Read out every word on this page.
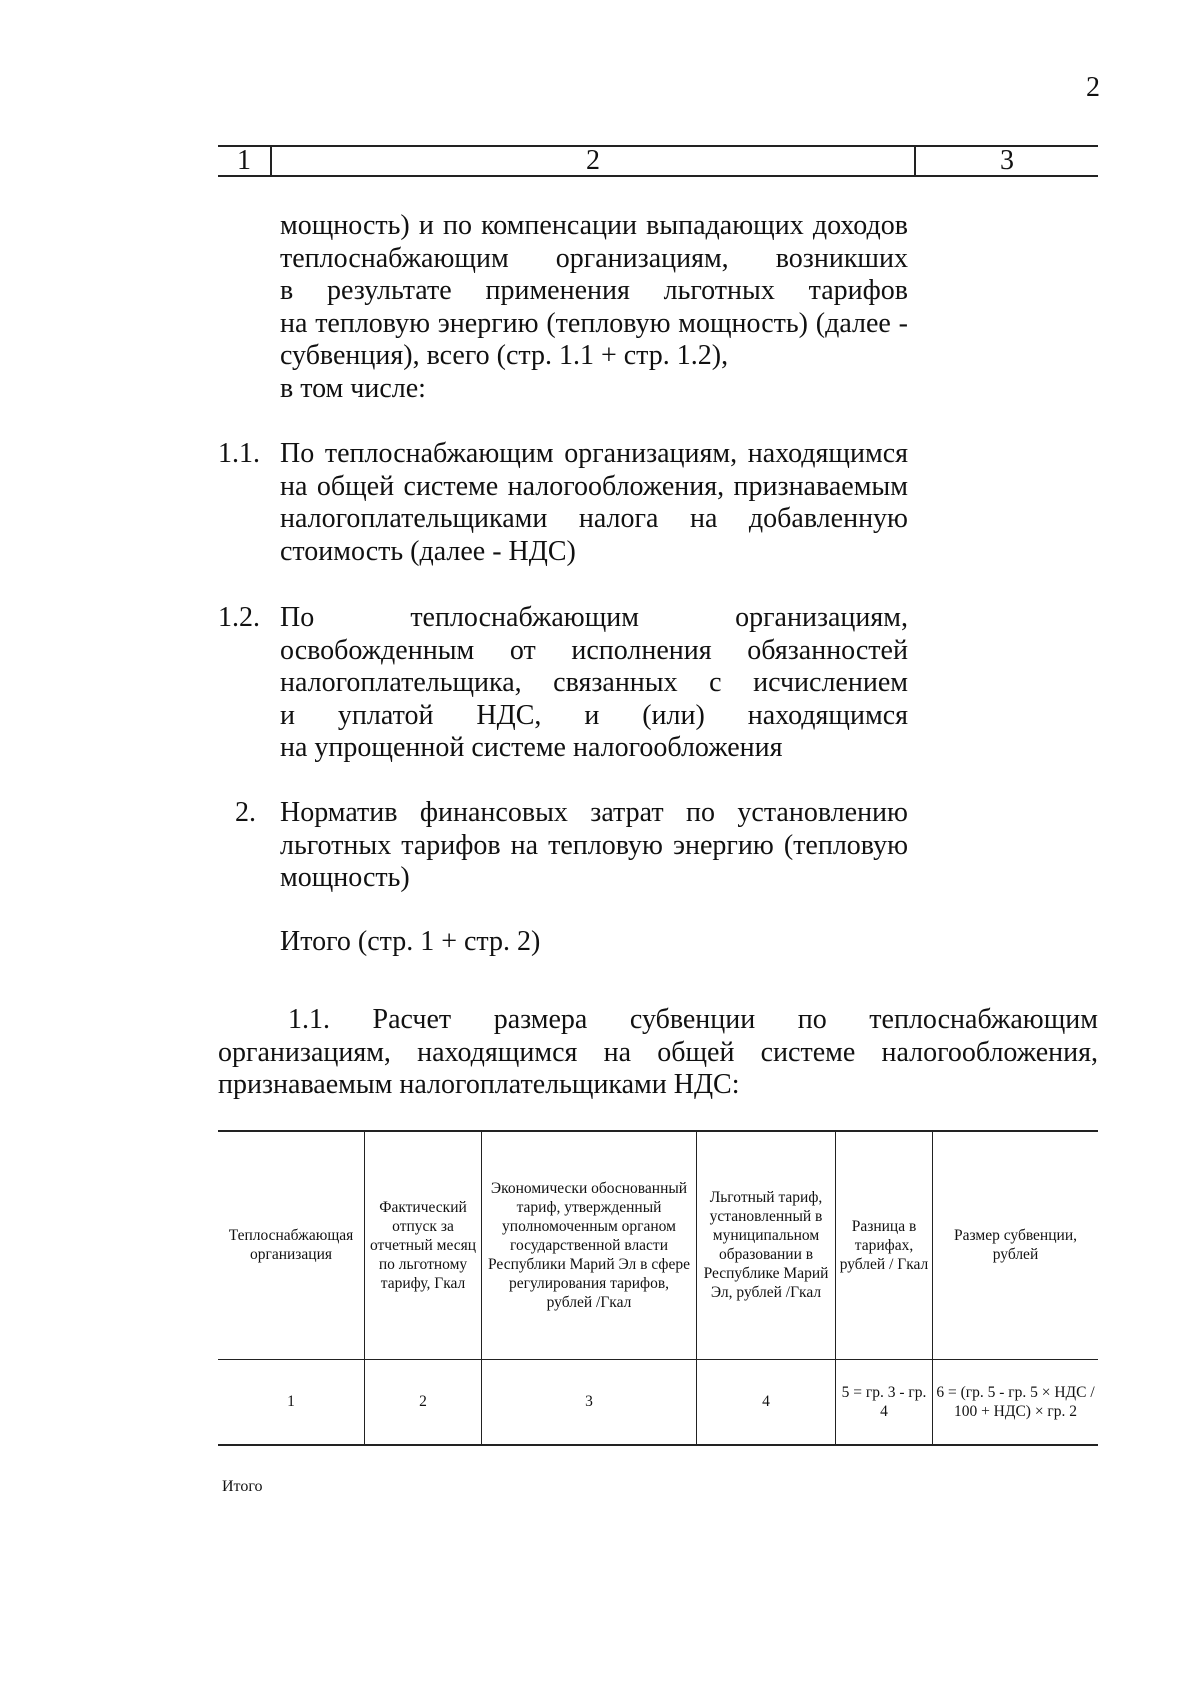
2
1	2	3
мощность) и по компенсации выпадающих доходов
теплоснабжающим организациям, возникших
в результате применения льготных тарифов
на тепловую энергию (тепловую мощность) (далее -
субвенция), всего (стр. 1.1 + стр. 1.2),
в том числе:
1.1. По теплоснабжающим организациям, находящимся
на общей системе налогообложения, признаваемым
налогоплательщиками налога на добавленную
стоимость (далее - НДС)
1.2. По	теплоснабжающим	организациям,
освобожденным от исполнения обязанностей
налогоплательщика, связанных с исчислением
и уплатой НДС, и (или) находящимся
на упрощенной системе налогообложения
2. Норматив финансовых затрат по установлению
льготных тарифов на тепловую энергию (тепловую
мощность)
Итого (стр. 1 + стр. 2)
1.1. Расчет размера субвенции по теплоснабжающим
организациям, находящимся на общей системе налогообложения,
признаваемым налогоплательщиками НДС:
Теплоснабжающая организация	Фактический отпуск за отчетный месяц по льготному тарифу, Гкал	Экономически обоснованный тариф, утвержденный уполномоченным органом государственной власти Республики Марий Эл в сфере регулирования тарифов, рублей /Гкал	Льготный тариф, установленный в муниципальном образовании в Республике Марий Эл, рублей /Гкал	Разница в тарифах, рублей / Гкал	Размер субвенции, рублей
1	2	3	4	5 = гр. 3 - гр. 4	6 = (гр. 5 - гр. 5 × НДС / 100 + НДС) × гр. 2
Итого
